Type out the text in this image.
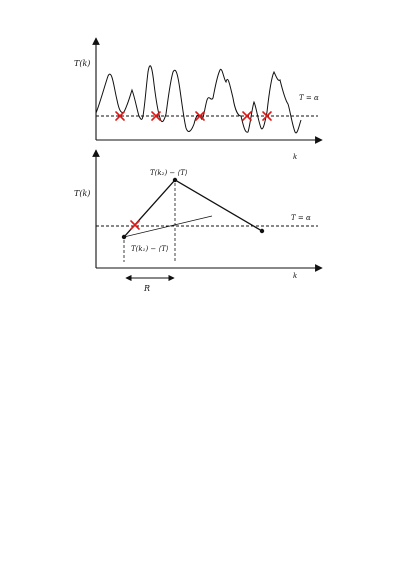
T(k)
T = α
k
T(k)
T(k₂) − ⟨T⟩
T(k₁) − ⟨T⟩
T = α
k
R
